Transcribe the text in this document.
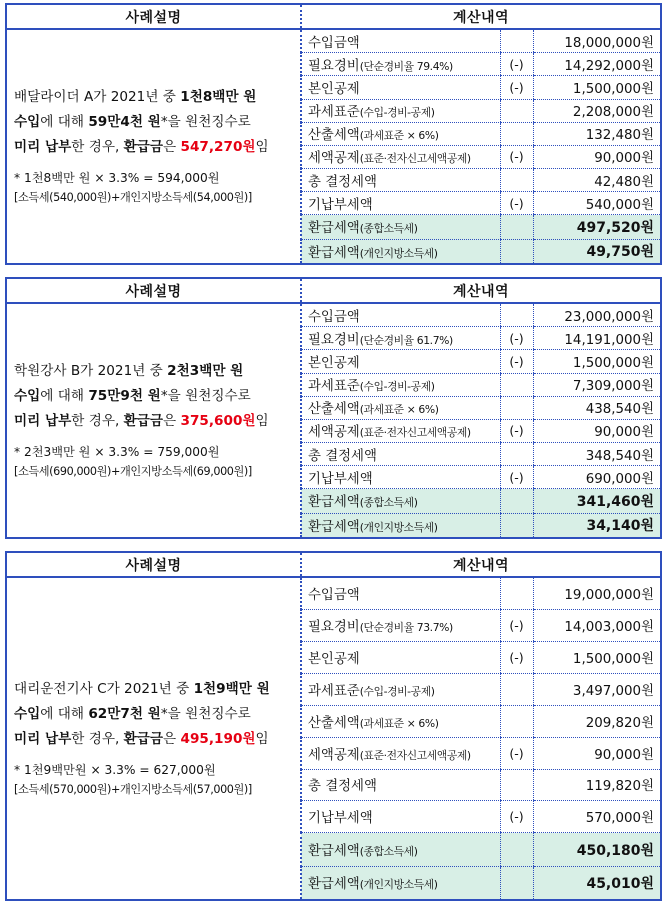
사례설명	계산내역		

배달라이더 A가 2021년 중 1천8백만 원

수입에 대해 59만4천 원*을 원천징수로

미리 납부한 경우, 환급금은 547,270원임

* 1천8백만 원 × 3.3% = 594,000원

[소득세(540,000원)+개인지방소득세(54,000원)]	수입금액		18,000,000원
	필요경비(단순경비율 79.4%)	(-)	14,292,000원
	본인공제	(-)	1,500,000원
	과세표준(수입-경비-공제)		2,208,000원
	산출세액(과세표준 × 6%)		132,480원
	세액공제(표준·전자신고세액공제)	(-)	90,000원
	총 결정세액		42,480원
	기납부세액	(-)	540,000원
	환급세액(종합소득세)		497,520원
	환급세액(개인지방소득세)		49,750원
사례설명	계산내역		

학원강사 B가 2021년 중 2천3백만 원

수입에 대해 75만9천 원*을 원천징수로

미리 납부한 경우, 환급금은 375,600원임

* 2천3백만 원 × 3.3% = 759,000원

[소득세(690,000원)+개인지방소득세(69,000원)]	수입금액		23,000,000원
	필요경비(단순경비율 61.7%)	(-)	14,191,000원
	본인공제	(-)	1,500,000원
	과세표준(수입-경비-공제)		7,309,000원
	산출세액(과세표준 × 6%)		438,540원
	세액공제(표준·전자신고세액공제)	(-)	90,000원
	총 결정세액		348,540원
	기납부세액	(-)	690,000원
	환급세액(종합소득세)		341,460원
	환급세액(개인지방소득세)		34,140원
사례설명	계산내역		

대리운전기사 C가 2021년 중 1천9백만 원

수입에 대해 62만7천 원*을 원천징수로

미리 납부한 경우, 환급금은 495,190원임

* 1천9백만원 × 3.3% = 627,000원

[소득세(570,000원)+개인지방소득세(57,000원)]	수입금액		19,000,000원
	필요경비(단순경비율 73.7%)	(-)	14,003,000원
	본인공제	(-)	1,500,000원
	과세표준(수입-경비-공제)		3,497,000원
	산출세액(과세표준 × 6%)		209,820원
	세액공제(표준·전자신고세액공제)	(-)	90,000원
	총 결정세액		119,820원
	기납부세액	(-)	570,000원
	환급세액(종합소득세)		450,180원
	환급세액(개인지방소득세)		45,010원
